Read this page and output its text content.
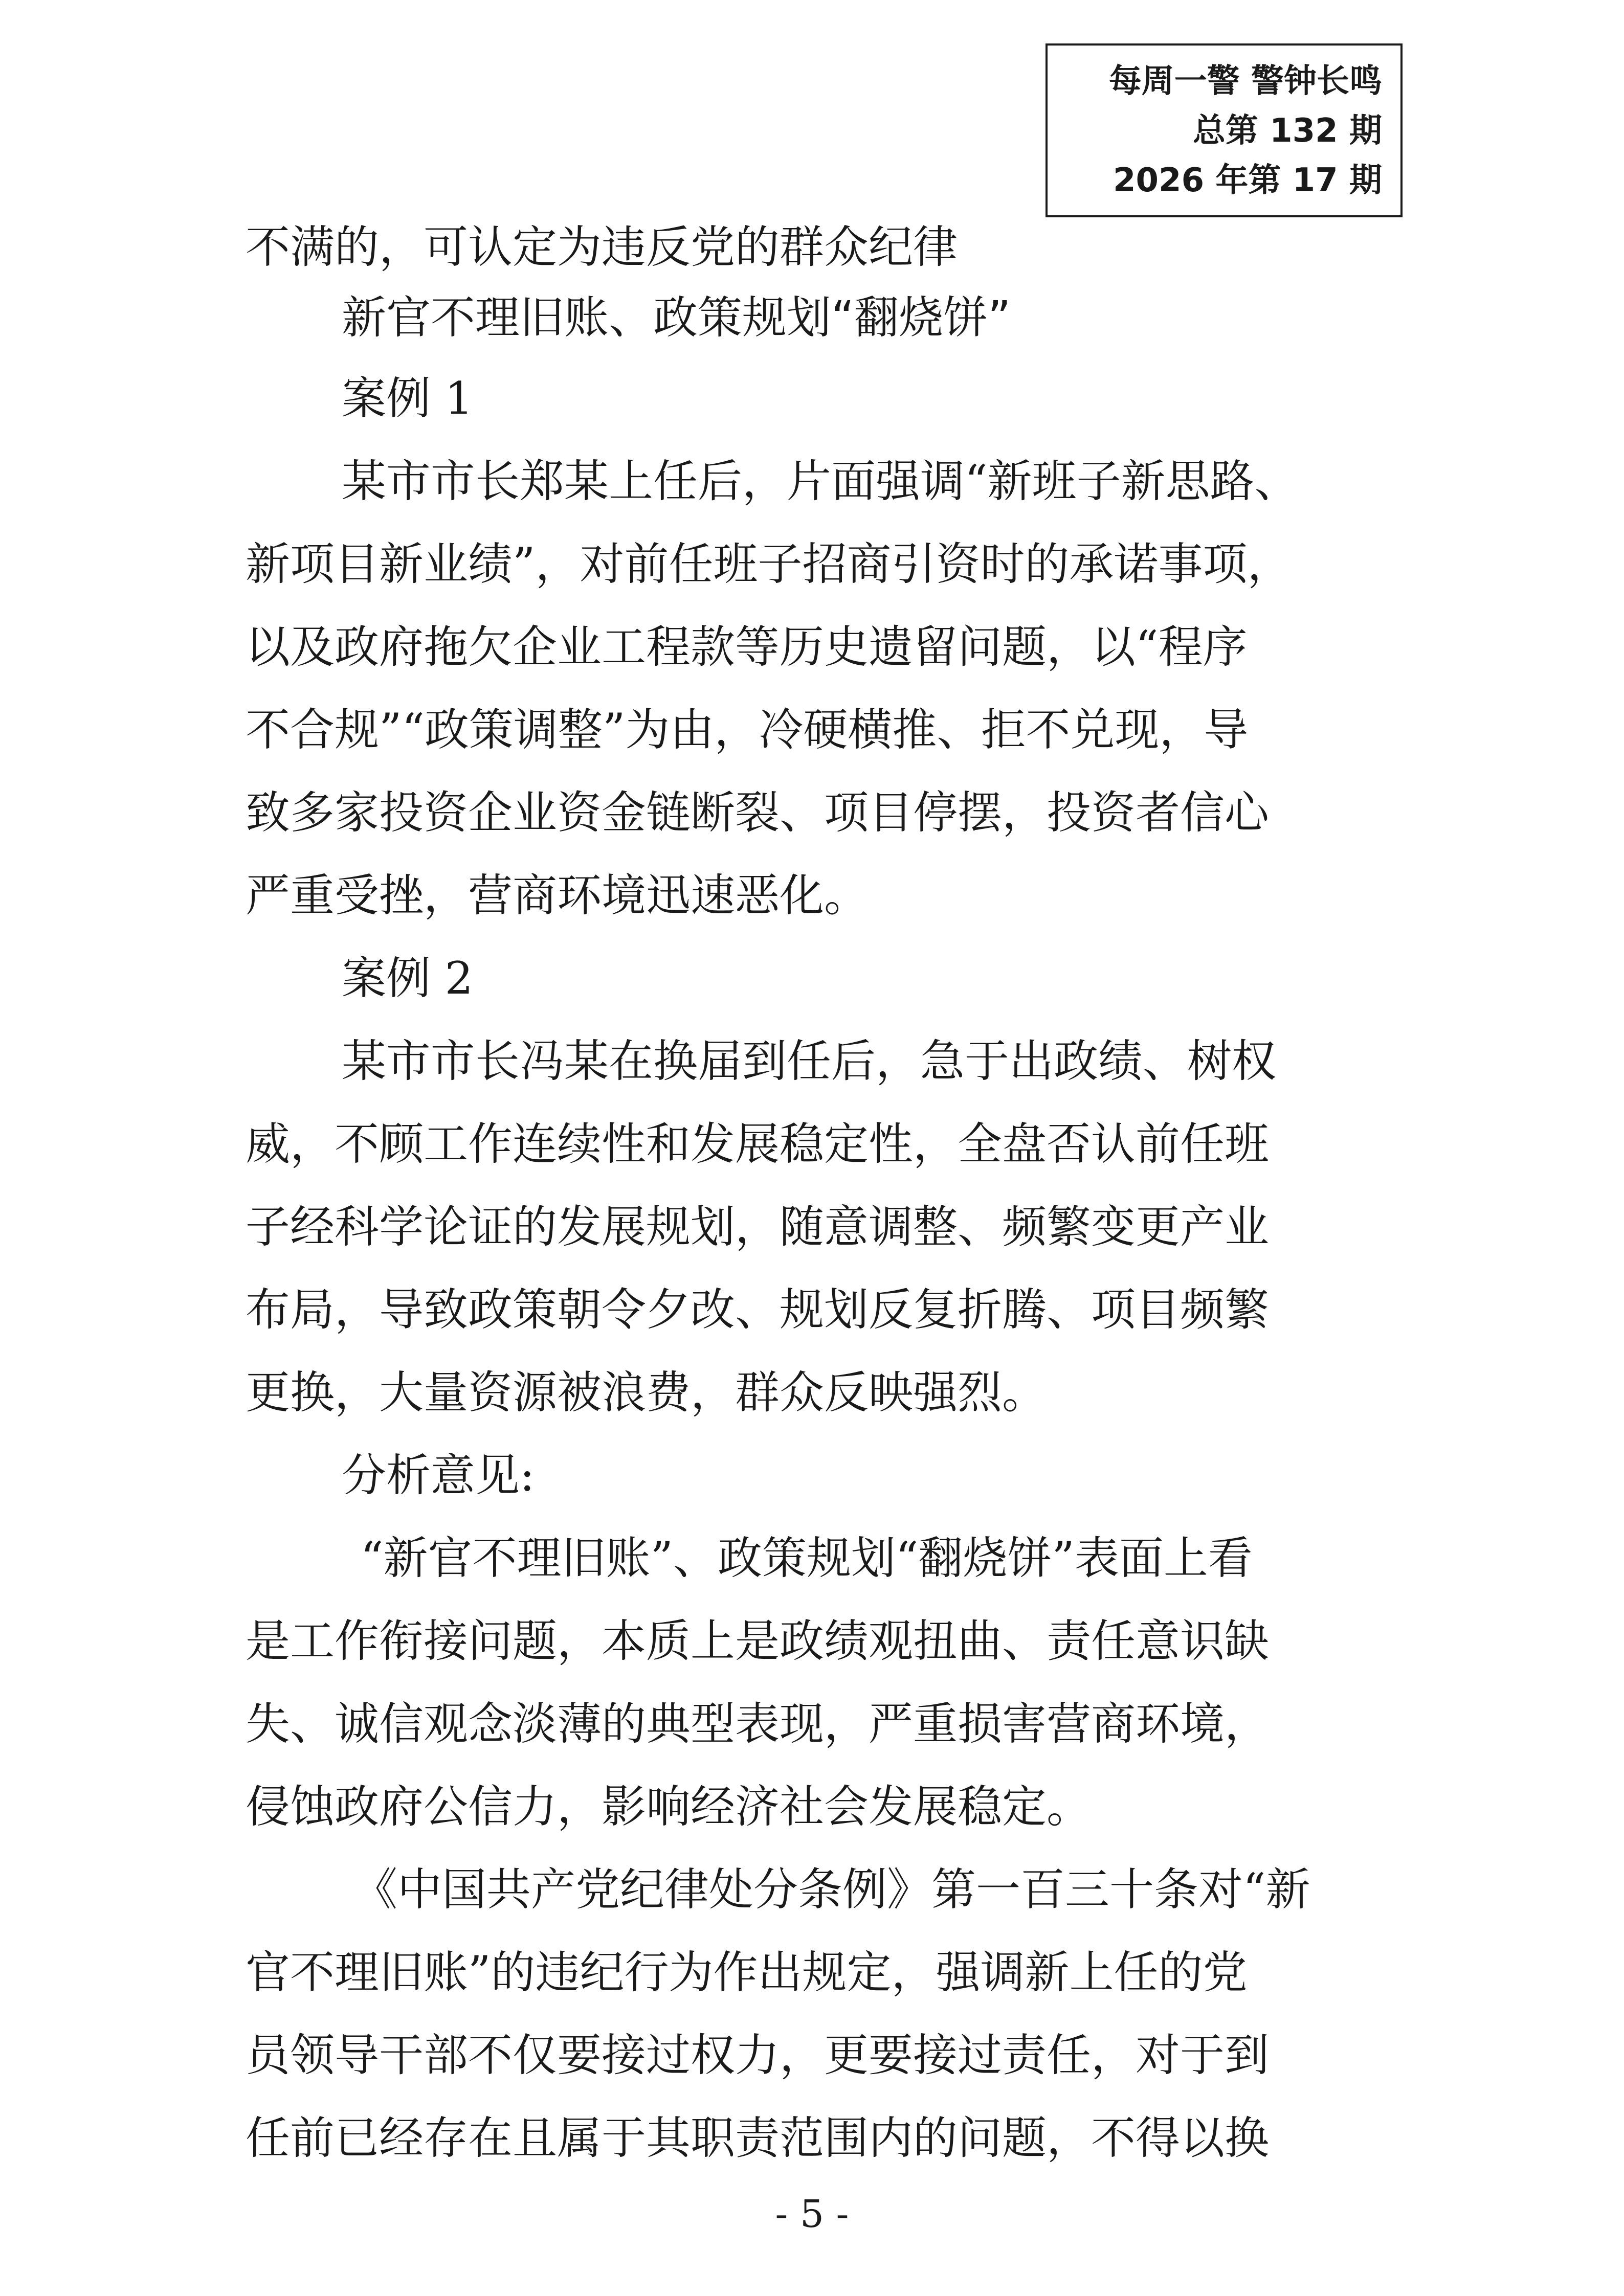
每周一警 警钟长鸣
总第 132 期
2026 年第 17 期
不满的，可认定为违反党的群众纪律
新官不理旧账、政策规划“翻烧饼”
案例 1
某市市长郑某上任后，片面强调“新班子新思路、
新项目新业绩”，对前任班子招商引资时的承诺事项，
以及政府拖欠企业工程款等历史遗留问题，以“程序
不合规”“政策调整”为由，冷硬横推、拒不兑现，导
致多家投资企业资金链断裂、项目停摆，投资者信心
严重受挫，营商环境迅速恶化。
案例 2
某市市长冯某在换届到任后，急于出政绩、树权
威，不顾工作连续性和发展稳定性，全盘否认前任班
子经科学论证的发展规划，随意调整、频繁变更产业
布局，导致政策朝令夕改、规划反复折腾、项目频繁
更换，大量资源被浪费，群众反映强烈。
分析意见:
“新官不理旧账”、政策规划“翻烧饼”表面上看
是工作衔接问题，本质上是政绩观扭曲、责任意识缺
失、诚信观念淡薄的典型表现，严重损害营商环境，
侵蚀政府公信力，影响经济社会发展稳定。
《中国共产党纪律处分条例》第一百三十条对“新
官不理旧账”的违纪行为作出规定，强调新上任的党
员领导干部不仅要接过权力，更要接过责任，对于到
任前已经存在且属于其职责范围内的问题，不得以换
- 5 -
